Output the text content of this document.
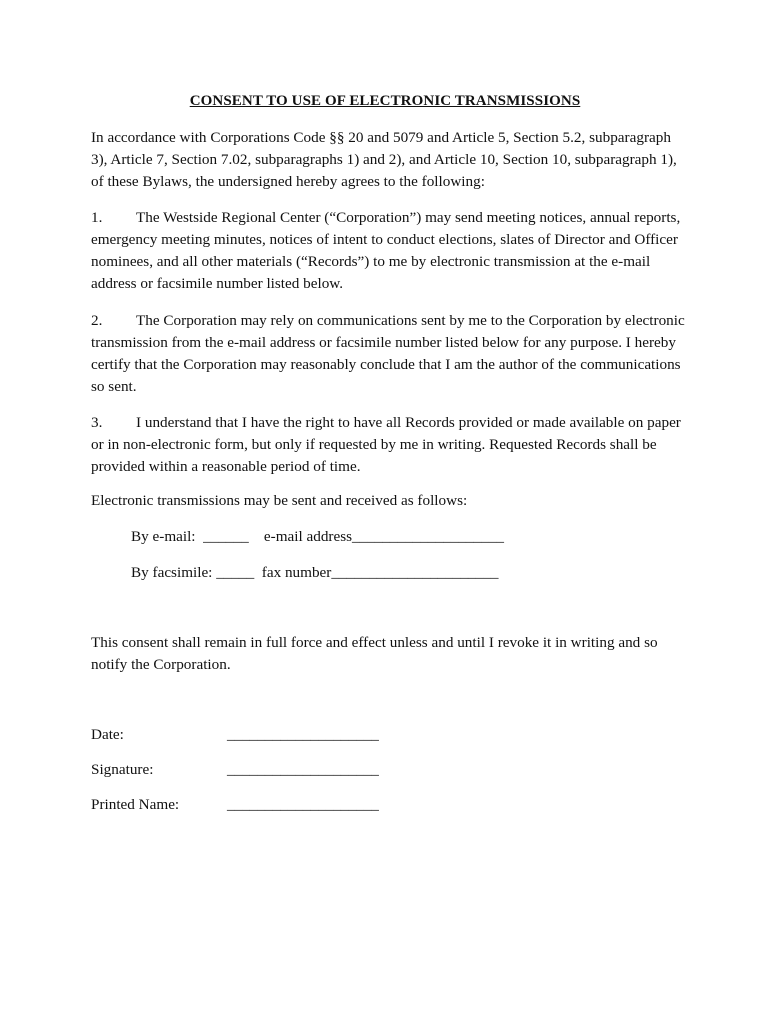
CONSENT TO USE OF ELECTRONIC TRANSMISSIONS

In accordance with Corporations Code §§ 20 and 5079 and Article 5, Section 5.2, subparagraph 3), Article 7, Section 7.02, subparagraphs 1) and 2), and Article 10, Section 10, subparagraph 1), of these Bylaws, the undersigned hereby agrees to the following:

1. The Westside Regional Center (“Corporation”) may send meeting notices, annual reports, emergency meeting minutes, notices of intent to conduct elections, slates of Director and Officer nominees, and all other materials (“Records”) to me by electronic transmission at the e-mail address or facsimile number listed below.

2. The Corporation may rely on communications sent by me to the Corporation by electronic transmission from the e-mail address or facsimile number listed below for any purpose. I hereby certify that the Corporation may reasonably conclude that I am the author of the communications so sent.

3. I understand that I have the right to have all Records provided or made available on paper or in non-electronic form, but only if requested by me in writing. Requested Records shall be provided within a reasonable period of time.

Electronic transmissions may be sent and received as follows:
By e-mail: ______ e-mail address____________________
By facsimile: _____ fax number______________________
This consent shall remain in full force and effect unless and until I revoke it in writing and so notify the Corporation.
Date:	____________________
Signature:	____________________
Printed Name:	____________________
